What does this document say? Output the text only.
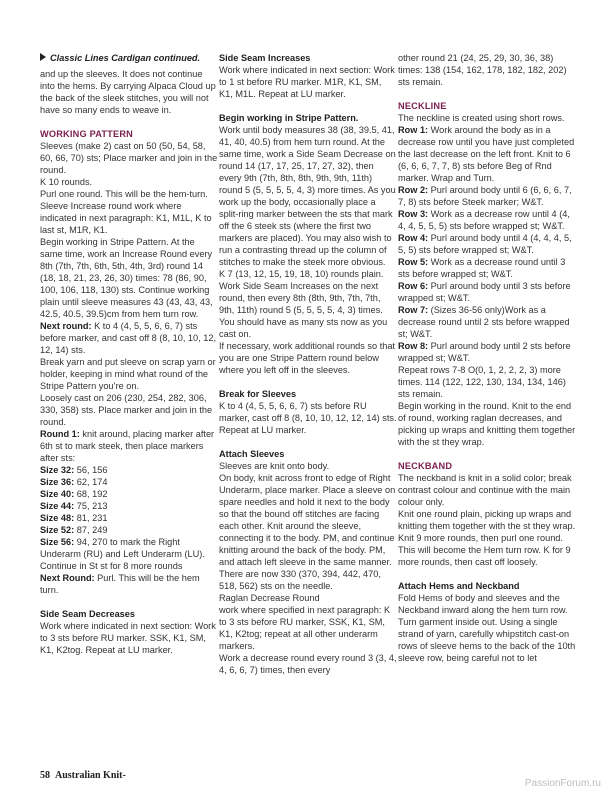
Classic Lines Cardigan continued.

and up the sleeves. It does not continue into the hems. By carrying Alpaca Cloud up the back of the sleek stitches, you will not have so many ends to weave in.

WORKING PATTERN

Sleeves (make 2) cast on 50 (50, 54, 58, 60, 66, 70) sts; Place marker and join in the round.

K 10 rounds.

Purl one round. This will be the hem-turn.

Sleeve Increase round work where indicated in next paragraph: K1, M1L, K to last st, M1R, K1.

Begin working in Stripe Pattern. At the same time, work an Increase Round every 8th (7th, 7th, 6th, 5th, 4th, 3rd) round 14 (18, 18, 21, 23, 26, 30) times: 78 (86, 90, 100, 106, 118, 130) sts. Continue working plain until sleeve measures 43 (43, 43, 43, 42.5, 40.5, 39.5)cm from hem turn row.

Next round: K to 4 (4, 5, 5, 6, 6, 7) sts before marker, and cast off 8 (8, 10, 10, 12, 12, 14) sts.

Break yarn and put sleeve on scrap yarn or holder, keeping in mind what round of the Stripe Pattern you’re on.

Loosely cast on 206 (230, 254, 282, 306, 330, 358) sts. Place marker and join in the round.

Round 1: knit around, placing marker after 6th st to mark steek, then place markers after sts:

Size 32: 56, 156

Size 36: 62, 174

Size 40: 68, 192

Size 44: 75, 213

Size 48: 81, 231

Size 52: 87, 249

Size 56: 94, 270 to mark the Right Underarm (RU) and Left Underarm (LU).

Continue in St st for 8 more rounds

Next Round: Purl. This will be the hem turn.

Side Seam Decreases

Work where indicated in next section: Work to 3 sts before RU marker. SSK, K1, SM, K1, K2tog. Repeat at LU marker.

Side Seam Increases

Work where indicated in next section: Work to 1 st before RU marker. M1R, K1, SM, K1, M1L. Repeat at LU marker.

Begin working in Stripe Pattern.

Work until body measures 38 (38, 39.5, 41, 41, 40, 40.5) from hem turn round. At the same time, work a Side Seam Decrease on round 14 (17, 17, 25, 17, 27, 32), then every 9th (7th, 8th, 8th, 9th, 9th, 11th) round 5 (5, 5, 5, 5, 4, 3) more times. As you work up the body, occasionally place a split-ring marker between the sts that mark off the 6 steek sts (where the first two markers are placed). You may also wish to run a contrasting thread up the column of stitches to make the steek more obvious.

K 7 (13, 12, 15, 19, 18, 10) rounds plain.

Work Side Seam Increases on the next round, then every 8th (8th, 9th, 7th, 7th, 9th, 11th) round 5 (5, 5, 5, 5, 4, 3) times. You should have as many sts now as you cast on.

If necessary, work additional rounds so that you are one Stripe Pattern round below where you left off in the sleeves.

Break for Sleeves

K to 4 (4, 5, 5, 6, 6, 7) sts before RU marker, cast off 8 (8, 10, 10, 12, 12, 14) sts. Repeat at LU marker.

Attach Sleeves

Sleeves are knit onto body.

On body, knit across front to edge of Right Underarm, place marker. Place a sleeve on spare needles and hold it next to the body so that the bound off stitches are facing each other. Knit around the sleeve, connecting it to the body. PM, and continue knitting around the back of the body. PM, and attach left sleeve in the same manner.

There are now 330 (370, 394, 442, 470, 518, 562) sts on the needle.

Raglan Decrease Round

work where specified in next paragraph: K to 3 sts before RU marker, SSK, K1, SM, K1, K2tog; repeat at all other underarm markers.

Work a decrease round every round 3 (3, 4, 4, 6, 6, 7) times, then every

other round 21 (24, 25, 29, 30, 36, 38) times: 138 (154, 162, 178, 182, 182, 202) sts remain.

NECKLINE

The neckline is created using short rows.

Row 1: Work around the body as in a decrease row until you have just completed the last decrease on the left front. Knit to 6 (6, 6, 6, 7, 7, 8) sts before Beg of Rnd marker. Wrap and Turn.

Row 2: Purl around body until 6 (6, 6, 6, 7, 7, 8) sts before Steek marker; W&T.

Row 3: Work as a decrease row until 4 (4, 4, 4, 5, 5, 5) sts before wrapped st; W&T.

Row 4: Purl around body until 4 (4, 4, 4, 5, 5, 5) sts before wrapped st; W&T.

Row 5: Work as a decrease round until 3 sts before wrapped st; W&T.

Row 6: Purl around body until 3 sts before wrapped st; W&T.

Row 7: (Sizes 36-56 only)Work as a decrease round until 2 sts before wrapped st; W&T.

Row 8: Purl around body until 2 sts before wrapped st; W&T.

Repeat rows 7-8 O(0, 1, 2, 2, 2, 3) more times. 114 (122, 122, 130, 134, 134, 146) sts remain.

Begin working in the round. Knit to the end of round, working raglan decreases, and picking up wraps and knitting them together with the st they wrap.

NECKBAND

The neckband is knit in a solid color; break contrast colour and continue with the main colour only.

Knit one round plain, picking up wraps and knitting them together with the st they wrap. Knit 9 more rounds, then purl one round. This will become the Hem turn row. K for 9 more rounds, then cast off loosely.

Attach Hems and Neckband

Fold Hems of body and sleeves and the Neckband inward along the hem turn row. Turn garment inside out. Using a single strand of yarn, carefully whipstitch cast-on rows of sleeve hems to the back of the 10th sleeve row, being careful not to let

58 Australian Knit-
PassionForum.ru
